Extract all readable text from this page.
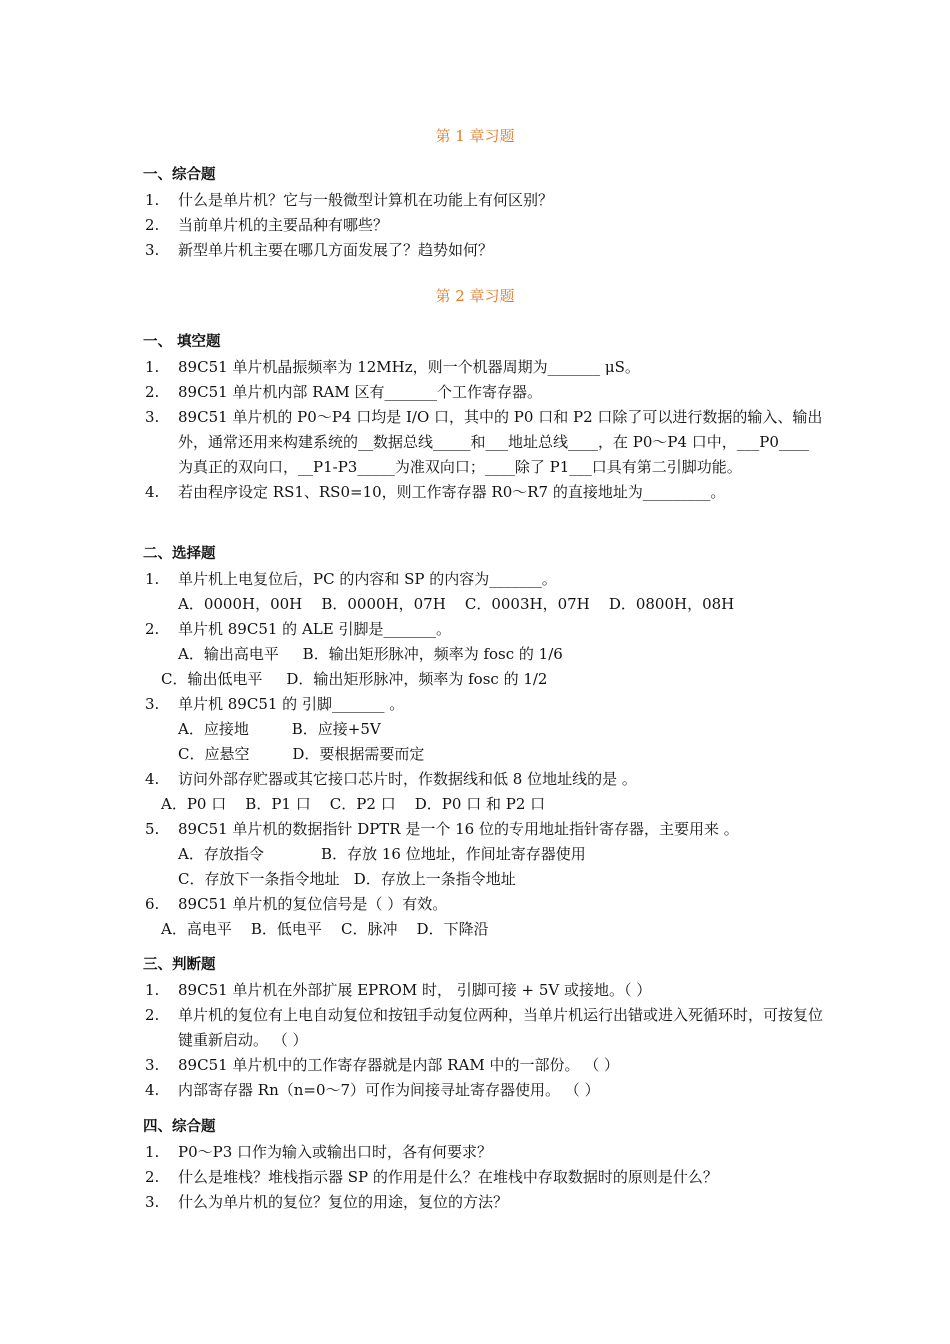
第 1 章习题
一、综合题
1. 什么是单片机？它与一般微型计算机在功能上有何区别？
2. 当前单片机的主要品种有哪些？
3. 新型单片机主要在哪几方面发展了？趋势如何？
第 2 章习题
一、 填空题
1. 89C51 单片机晶振频率为 12MHz，则一个机器周期为_______ μS。
2. 89C51 单片机内部 RAM 区有_______个工作寄存器。
3. 89C51 单片机的 P0～P4 口均是 I/O 口，其中的 P0 口和 P2 口除了可以进行数据的输入、输出外，通常还用来构建系统的__数据总线_____和___地址总线____，在 P0～P4 口中，___P0____为真正的双向口，__P1-P3_____为准双向口；____除了 P1___口具有第二引脚功能。
4. 若由程序设定 RS1、RS0=10，则工作寄存器 R0～R7 的直接地址为_________。
二、选择题
1. 单片机上电复位后，PC 的内容和 SP 的内容为_______。
A．0000H，00H    B．0000H，07H    C．0003H，07H    D．0800H，08H
2. 单片机 89C51 的 ALE 引脚是_______。
A．输出高电平     B．输出矩形脉冲，频率为 fosc 的 1/6
C．输出低电平     D．输出矩形脉冲，频率为 fosc 的 1/2
3. 单片机 89C51 的 引脚_______ 。
A．应接地         B．应接+5V
C．应悬空         D．要根据需要而定
4. 访问外部存贮器或其它接口芯片时，作数据线和低 8 位地址线的是 。
A．P0 口    B．P1 口    C．P2 口    D．P0 口 和 P2 口
5. 89C51 单片机的数据指针 DPTR 是一个 16 位的专用地址指针寄存器，主要用来 。
A．存放指令            B．存放 16 位地址，作间址寄存器使用
C．存放下一条指令地址   D．存放上一条指令地址
6. 89C51 单片机的复位信号是（ ）有效。
A．高电平    B．低电平    C．脉冲    D．下降沿
三、判断题
1. 89C51 单片机在外部扩展 EPROM 时， 引脚可接 + 5V 或接地。（ ）
2. 单片机的复位有上电自动复位和按钮手动复位两种，当单片机运行出错或进入死循环时，可按复位键重新启动。 （ ）
3. 89C51 单片机中的工作寄存器就是内部 RAM 中的一部份。 （ ）
4. 内部寄存器 Rn（n=0～7）可作为间接寻址寄存器使用。 （ ）
四、综合题
1. P0～P3 口作为输入或输出口时，各有何要求？
2. 什么是堆栈？堆栈指示器 SP 的作用是什么？在堆栈中存取数据时的原则是什么？
3. 什么为单片机的复位？复位的用途，复位的方法？
